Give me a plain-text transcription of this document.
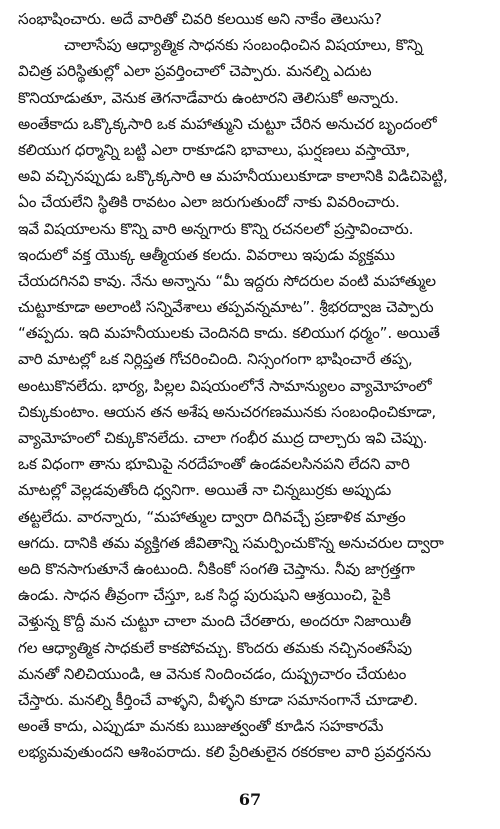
సంభాషించారు. అదే వారితో చివరి కలయిక అని నాకేం తెలుసు?
చాలాసేపు ఆధ్యాత్మిక సాధనకు సంబంధించిన విషయాలు, కొన్ని
విచిత్ర పరిస్థితుల్లో ఎలా ప్రవర్తించాలో చెప్పారు. మనల్ని ఎదుట
కొనియాడుతూ, వెనుక తెగనాడేవారు ఉంటారని తెలిసుకో అన్నారు.
అంతేకాదు ఒక్కొక్కసారి ఒక మహాత్ముని చుట్టూ చేరిన అనుచర బృందంలో
కలియుగ ధర్మాన్ని బట్టి ఎలా రాకూడని భావాలు, ఘర్షణలు వస్తాయో,
అవి వచ్చినప్పుడు ఒక్కొక్కసారి ఆ మహనీయులుకూడా కాలానికి విడిచిపెట్టి,
ఏం చేయలేని స్థితికి రావటం ఎలా జరుగుతుందో నాకు వివరించారు.
ఇవే విషయాలను కొన్ని వారి అన్నగారు కొన్ని రచనలలో ప్రస్తావించారు.
ఇందులో వక్త యొక్క ఆత్మీయత కలదు. వివరాలు ఇపుడు వ్యక్తము
చేయదగినవి కావు. నేను అన్నాను “మీ ఇద్దరు సోదరుల వంటి మహాత్ముల
చుట్టూకూడా అలాంటి సన్నివేశాలు తప్పవన్నమాట”. శ్రీభరద్వాజ చెప్పారు
“తప్పదు. ఇది మహనీయులకు చెందినది కాదు. కలియుగ ధర్మం”. అయితే
వారి మాటల్లో ఒక నిర్లిప్తత గోచరించింది. నిస్సంగంగా భాషించారే తప్ప,
అంటుకొనలేదు. భార్య, పిల్లల విషయంలోనే సామాన్యులం వ్యామోహంలో
చిక్కుకుంటాం. ఆయన తన అశేష అనుచరగణమునకు సంబంధించికూడా,
వ్యామోహంలో చిక్కుకొనలేదు. చాలా గంభీర ముద్ర దాల్చారు ఇవి చెప్పు.
ఒక విధంగా తాను భూమిపై నరదేహంతో ఉండవలసినపని లేదని వారి
మాటల్లో వెల్లడవుతోంది ధ్వనిగా. అయితే నా చిన్నబుర్రకు అప్పుడు
తట్టలేదు. వారన్నారు, “మహాత్ముల ద్వారా దిగివచ్చే ప్రణాళిక మాత్రం
ఆగదు. దానికి తమ వ్యక్తిగత జీవితాన్ని సమర్పించుకొన్న అనుచరుల ద్వారా
అది కొనసాగుతూనే ఉంటుంది. నీకింకో సంగతి చెప్తాను. నీవు జాగ్రత్తగా
ఉండు. సాధన తీవ్రంగా చేస్తూ, ఒక సిద్ధ పురుషుని ఆశ్రయించి, పైకి
వెళ్తున్న కొద్దీ మన చుట్టూ చాలా మంది చేరతారు, అందరూ నిజాయితీ
గల ఆధ్యాత్మిక సాధకులే కాకపోవచ్చు. కొందరు తమకు నచ్చినంతసేపు
మనతో నిలిచియుండి, ఆ వెనుక నిందించడం, దుష్ప్రచారం చేయటం
చేస్తారు. మనల్ని కీర్తించే వాళ్ళని, వీళ్ళని కూడా సమానంగానే చూడాలి.
అంతే కాదు, ఎప్పుడూ మనకు ఋజుత్వంతో కూడిన సహకారమే
లభ్యమవుతుందని ఆశింపరాదు. కలి ప్రేరితులైన రకరకాల వారి ప్రవర్తనను
67
